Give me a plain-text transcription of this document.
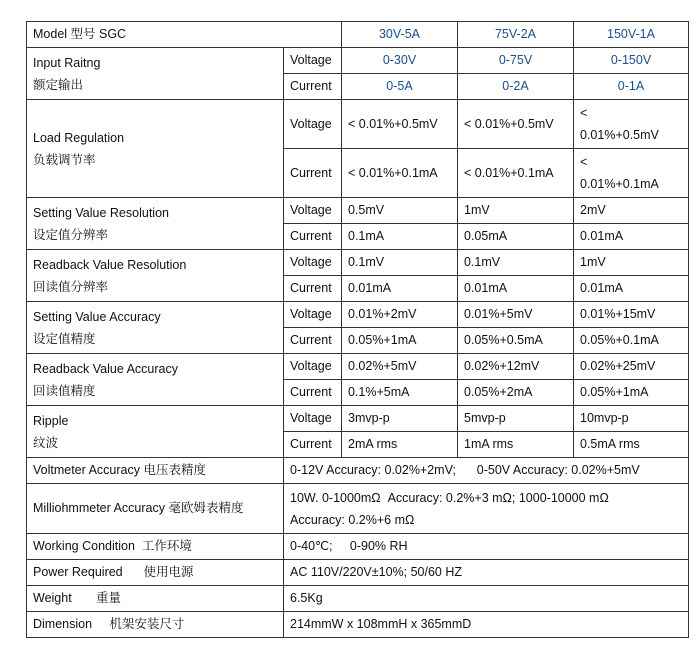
Model 型号 SGC		30V-5A	75V-2A	150V-1A
Input Raitng
额定输出	Voltage	0-30V	0-75V	0-150V
	Current	0-5A	0-2A	0-1A
Load Regulation
负载调节率	Voltage	< 0.01%+0.5mV	< 0.01%+0.5mV	<
0.01%+0.5mV
	Current	< 0.01%+0.1mA	< 0.01%+0.1mA	<
0.01%+0.1mA
Setting Value Resolution
设定值分辨率	Voltage	0.5mV	1mV	2mV
	Current	0.1mA	0.05mA	0.01mA
Readback Value Resolution
回读值分辨率	Voltage	0.1mV	0.1mV	1mV
	Current	0.01mA	0.01mA	0.01mA
Setting Value Accuracy
设定值精度	Voltage	0.01%+2mV	0.01%+5mV	0.01%+15mV
	Current	0.05%+1mA	0.05%+0.5mA	0.05%+0.1mA
Readback Value Accuracy
回读值精度	Voltage	0.02%+5mV	0.02%+12mV	0.02%+25mV
	Current	0.1%+5mA	0.05%+2mA	0.05%+1mA
Ripple
纹波	Voltage	3mvp-p	5mvp-p	10mvp-p
	Current	2mA rms	1mA rms	0.5mA rms
Voltmeter Accuracy 电压表精度	0-12V Accuracy: 0.02%+2mV;      0-50V Accuracy: 0.02%+5mV			
Milliohmmeter Accuracy 毫欧姆表精度	10W. 0-1000mΩ  Accuracy: 0.2%+3 mΩ; 1000-10000 mΩ
Accuracy: 0.2%+6 mΩ			
Working Condition  工作环境	0-40℃;     0-90% RH			
Power Required      使用电源	AC 110V/220V±10%; 50/60 HZ			
Weight       重量	6.5Kg			
Dimension     机架安装尺寸	214mmW x 108mmH x 365mmD			
